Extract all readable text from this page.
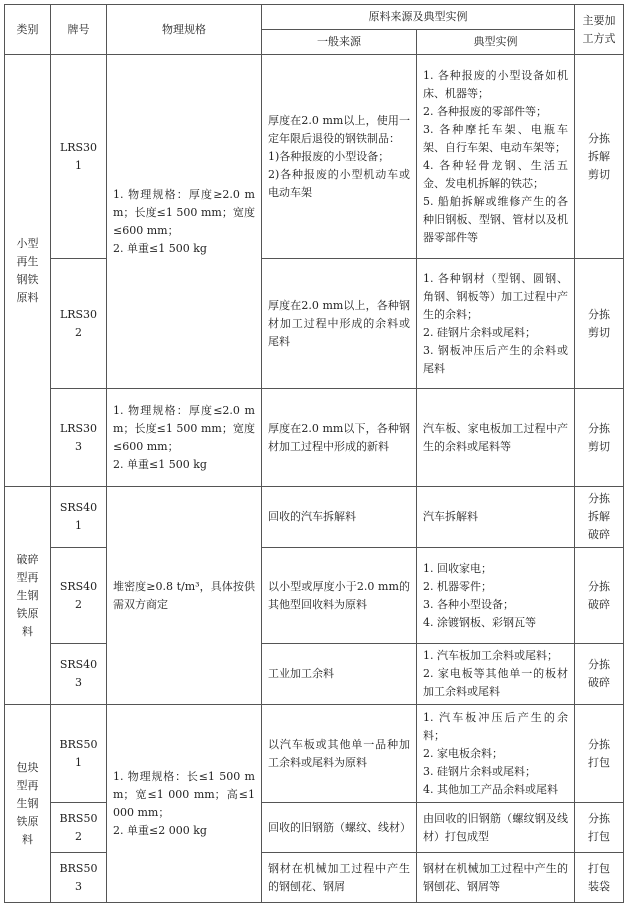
类别	牌号	物理规格	原料来源及典型实例		主要加
工方式
			一般来源	典型实例	
小型
再生
钢铁
原料	LRS301	1. 物理规格：厚度≥2.0 mm；长度≤1 500 mm；宽度≤600 mm；
2. 单重≤1 500 kg	厚度在2.0 mm以上，使用一定年限后退役的钢铁制品：
1)各种报废的小型设备；
2)各种报废的小型机动车或电动车架	1. 各种报废的小型设备如机床、机器等；
2. 各种报废的零部件等；
3. 各种摩托车架、电瓶车架、自行车架、电动车架等；
4. 各种轻骨龙钢、生活五金、发电机拆解的铁芯；
5. 船舶拆解或维修产生的各种旧钢板、型钢、管材以及机器零部件等	分拣
拆解
剪切
	LRS302		厚度在2.0 mm以上，各种钢材加工过程中形成的余料或尾料	1. 各种钢材（型钢、圆钢、角钢、钢板等）加工过程中产生的余料；
2. 硅钢片余料或尾料；
3. 钢板冲压后产生的余料或尾料	分拣
剪切
	LRS303	1. 物理规格：厚度≤2.0 mm；长度≤1 500 mm；宽度≤600 mm；
2. 单重≤1 500 kg	厚度在2.0 mm以下，各种钢材加工过程中形成的新料	汽车板、家电板加工过程中产生的余料或尾料等	分拣
剪切
破碎
型再
生钢
铁原
料	SRS401	堆密度≥0.8 t/m³，具体按供需双方商定	回收的汽车拆解料	汽车拆解料	分拣
拆解
破碎
	SRS402		以小型或厚度小于2.0 mm的其他型回收料为原料	1. 回收家电；
2. 机器零件；
3. 各种小型设备；
4. 涂镀钢板、彩钢瓦等	分拣
破碎
	SRS403		工业加工余料	1. 汽车板加工余料或尾料；
2. 家电板等其他单一的板材加工余料或尾料	分拣
破碎
包块
型再
生钢
铁原
料	BRS501	1. 物理规格：长≤1 500 mm；宽≤1 000 mm；高≤1 000 mm；
2. 单重≤2 000 kg	以汽车板或其他单一品种加工余料或尾料为原料	1. 汽车板冲压后产生的余料；
2. 家电板余料；
3. 硅钢片余料或尾料；
4. 其他加工产品余料或尾料	分拣
打包
	BRS502		回收的旧钢筋（螺纹、线材）	由回收的旧钢筋（螺纹钢及线材）打包成型	分拣
打包
	BRS503		钢材在机械加工过程中产生的钢刨花、钢屑	钢材在机械加工过程中产生的钢刨花、钢屑等	打包
装袋
